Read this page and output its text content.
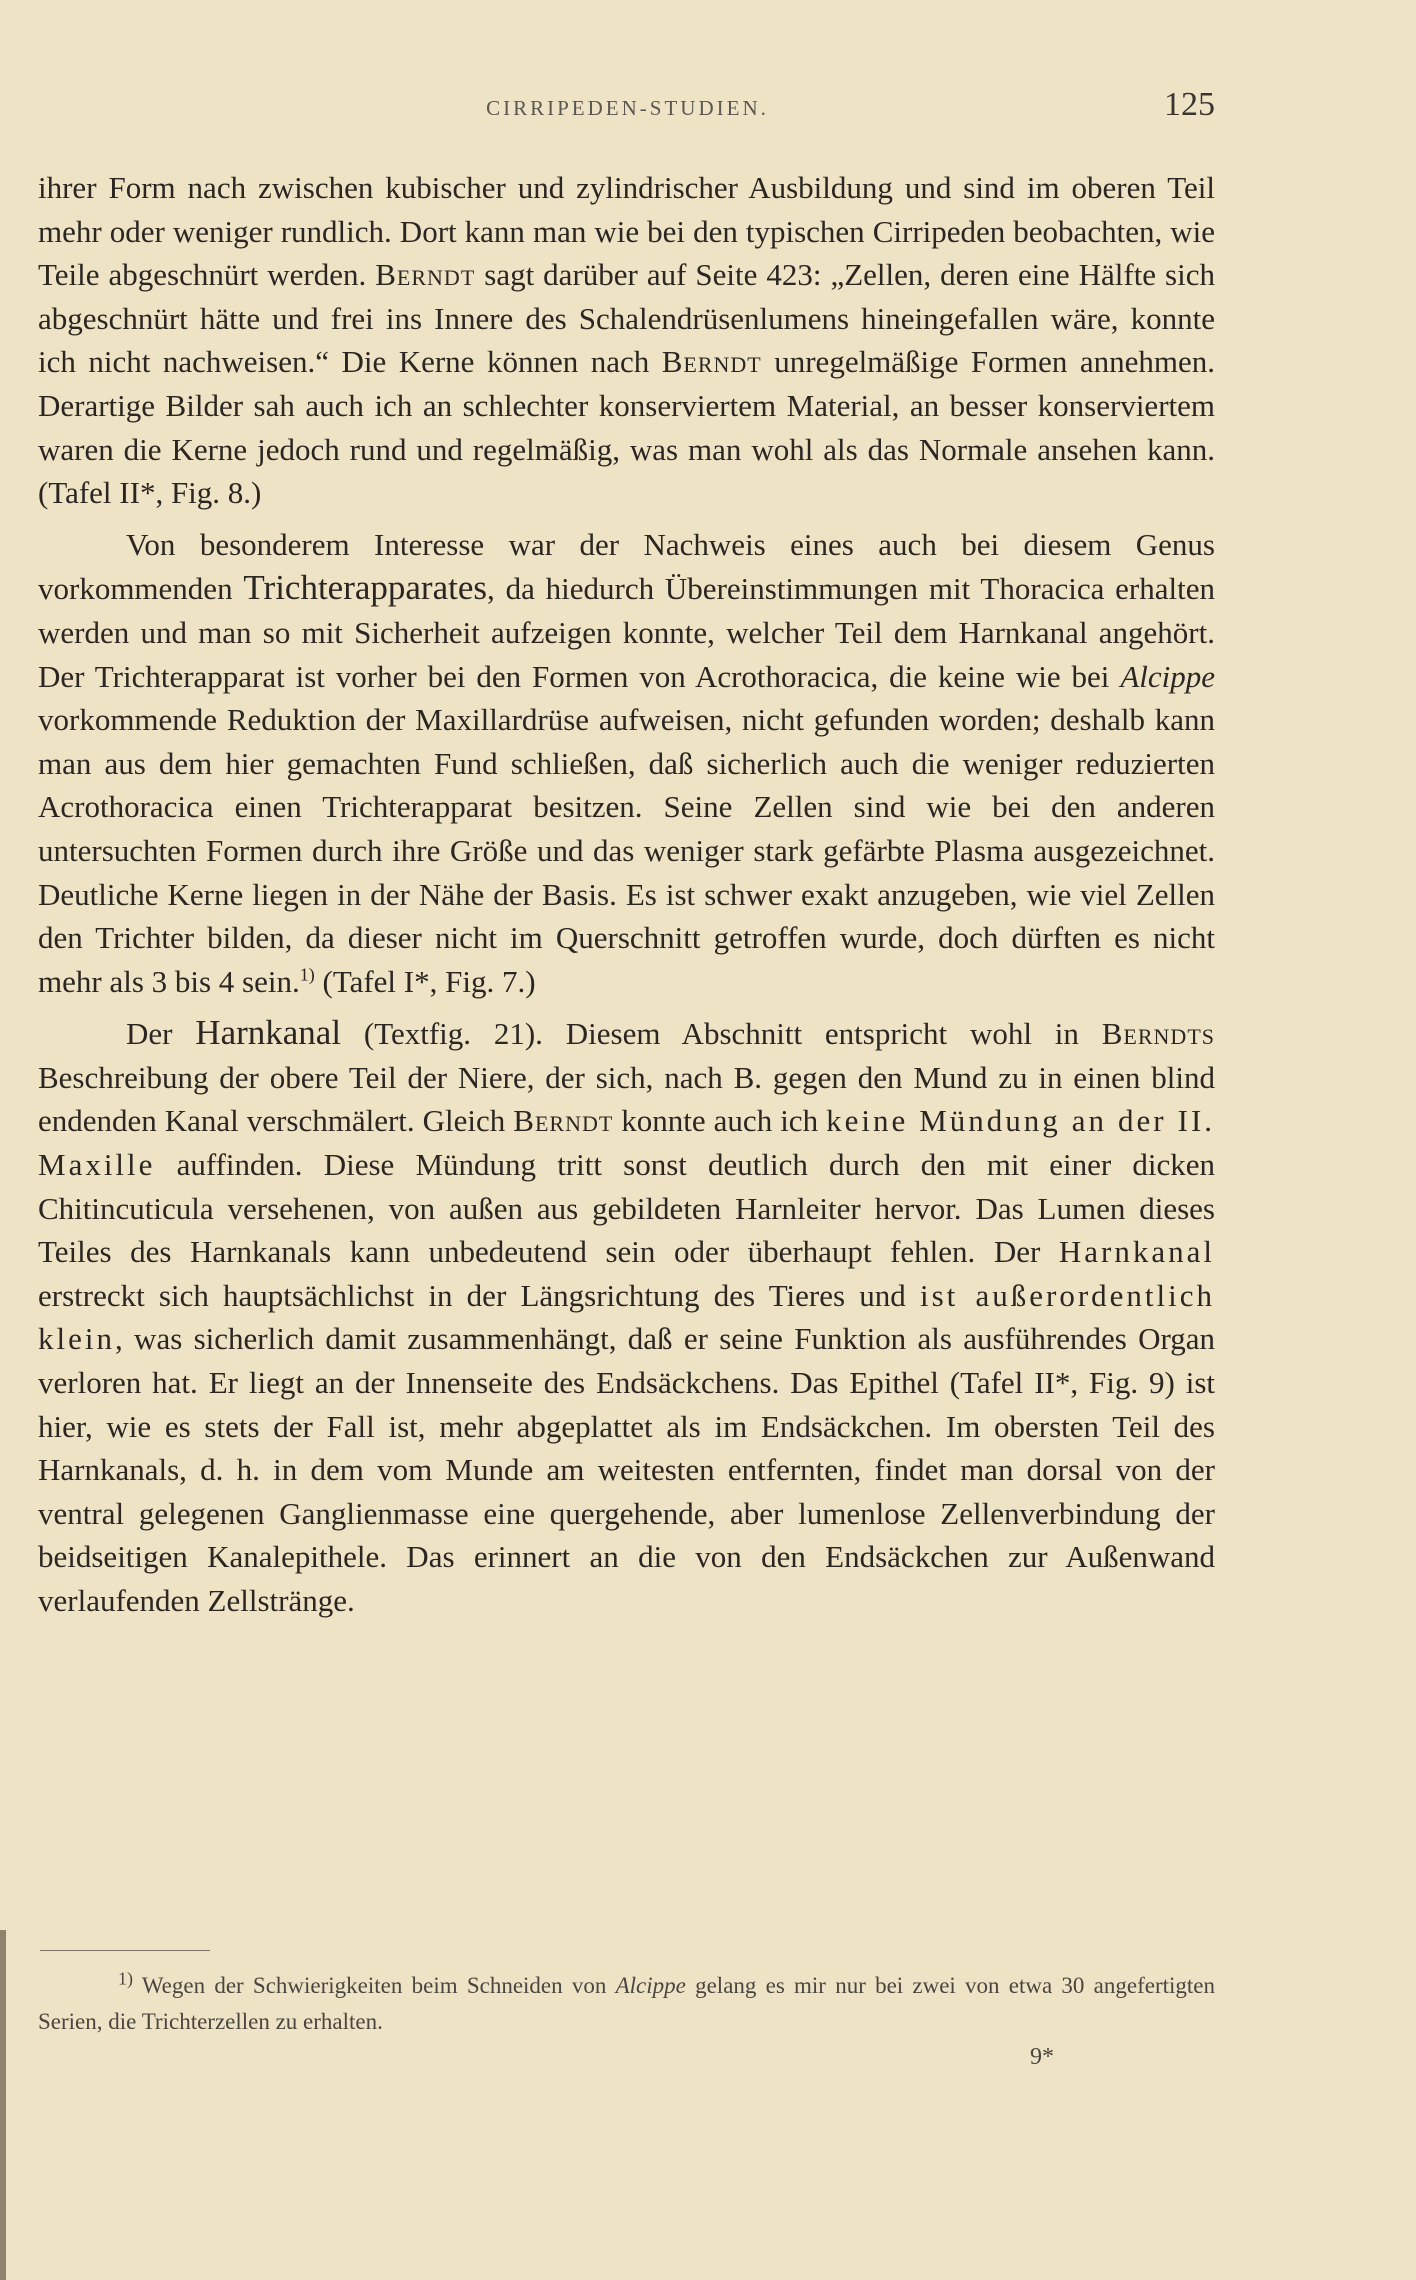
CIRRIPEDEN-STUDIEN.	125

ihrer Form nach zwischen kubischer und zylindrischer Ausbildung und sind im oberen Teil mehr oder weniger rundlich. Dort kann man wie bei den typischen Cirripeden beobachten, wie Teile abgeschnürt werden. Berndt sagt darüber auf Seite 423: „Zellen, deren eine Hälfte sich abgeschnürt hätte und frei ins Innere des Schalendrüsenlumens hineingefallen wäre, konnte ich nicht nachweisen.“ Die Kerne können nach Berndt unregelmäßige Formen annehmen. Derartige Bilder sah auch ich an schlechter konserviertem Material, an besser konserviertem waren die Kerne jedoch rund und regelmäßig, was man wohl als das Normale ansehen kann. (Tafel II*, Fig. 8.)

Von besonderem Interesse war der Nachweis eines auch bei diesem Genus vorkommenden Trichterapparates, da hiedurch Übereinstimmungen mit Thoracica erhalten werden und man so mit Sicherheit aufzeigen konnte, welcher Teil dem Harnkanal angehört. Der Trichterapparat ist vorher bei den Formen von Acrothoracica, die keine wie bei Alcippe vorkommende Reduktion der Maxillardrüse aufweisen, nicht gefunden worden; deshalb kann man aus dem hier gemachten Fund schließen, daß sicherlich auch die weniger reduzierten Acrothoracica einen Trichterapparat besitzen. Seine Zellen sind wie bei den anderen untersuchten Formen durch ihre Größe und das weniger stark gefärbte Plasma ausgezeichnet. Deutliche Kerne liegen in der Nähe der Basis. Es ist schwer exakt anzugeben, wie viel Zellen den Trichter bilden, da dieser nicht im Querschnitt getroffen wurde, doch dürften es nicht mehr als 3 bis 4 sein.$^{1)}$ (Tafel I*, Fig. 7.)

Der Harnkanal (Textfig. 21). Diesem Abschnitt entspricht wohl in Berndts Beschreibung der obere Teil der Niere, der sich, nach B. gegen den Mund zu in einen blind endenden Kanal verschmälert. Gleich Berndt konnte auch ich keine Mündung an der II. Maxille auffinden. Diese Mündung tritt sonst deutlich durch den mit einer dicken Chitincuticula versehenen, von außen aus gebildeten Harnleiter hervor. Das Lumen dieses Teiles des Harnkanals kann unbedeutend sein oder überhaupt fehlen. Der Harnkanal erstreckt sich hauptsächlichst in der Längsrichtung des Tieres und ist außerordentlich klein, was sicherlich damit zusammenhängt, daß er seine Funktion als ausführendes Organ verloren hat. Er liegt an der Innenseite des Endsäckchens. Das Epithel (Tafel II*, Fig. 9) ist hier, wie es stets der Fall ist, mehr abgeplattet als im Endsäckchen. Im obersten Teil des Harnkanals, d. h. in dem vom Munde am weitesten entfernten, findet man dorsal von der ventral gelegenen Ganglienmasse eine quergehende, aber lumenlose Zellenverbindung der beidseitigen Kanalepithele. Das erinnert an die von den Endsäckchen zur Außenwand verlaufenden Zellstränge.

$^{1)}$ Wegen der Schwierigkeiten beim Schneiden von Alcippe gelang es mir nur bei zwei von etwa 30 angefertigten Serien, die Trichterzellen zu erhalten.

9*
